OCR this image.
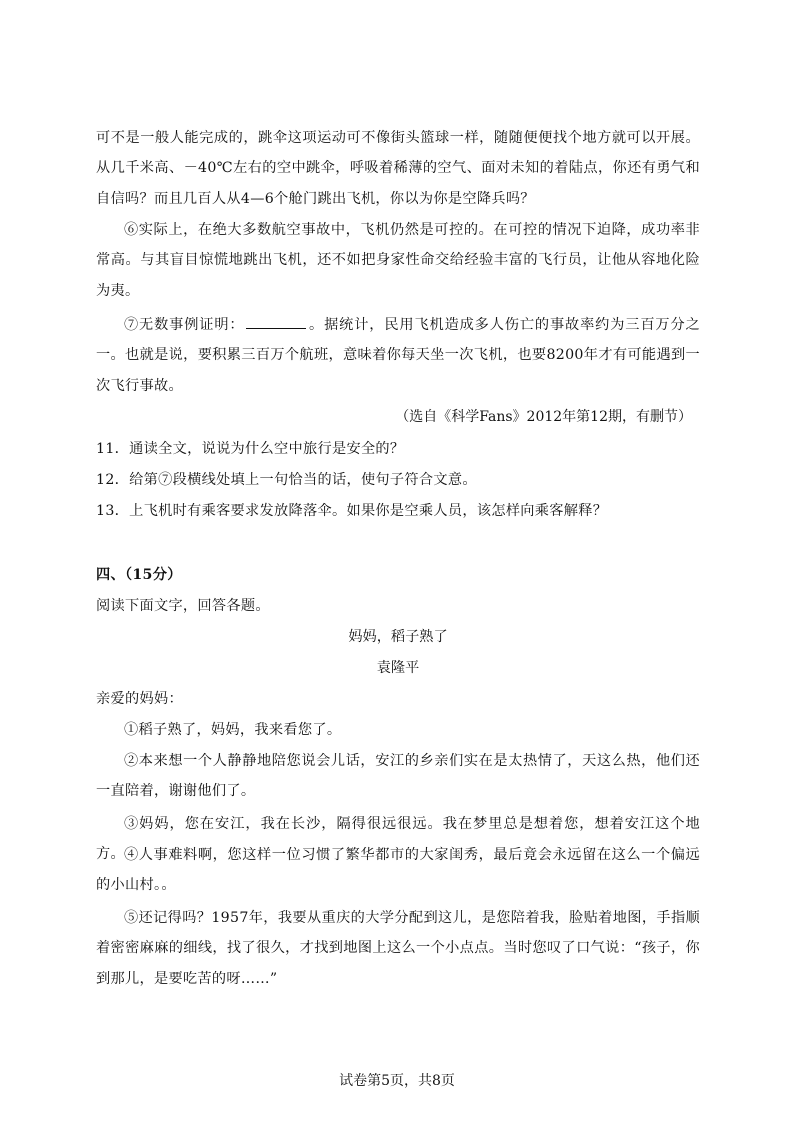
可不是一般人能完成的，跳伞这项运动可不像街头篮球一样，随随便便找个地方就可以开展。从几千米高、－40℃左右的空中跳伞，呼吸着稀薄的空气、面对未知的着陆点，你还有勇气和自信吗？而且几百人从4—6个舱门跳出飞机，你以为你是空降兵吗？
⑥实际上，在绝大多数航空事故中，飞机仍然是可控的。在可控的情况下迫降，成功率非常高。与其盲目惊慌地跳出飞机，还不如把身家性命交给经验丰富的飞行员，让他从容地化险为夷。
⑦无数事例证明：	。据统计，民用飞机造成多人伤亡的事故率约为三百万分之一。也就是说，要积累三百万个航班，意味着你每天坐一次飞机，也要8200年才有可能遇到一次飞行事故。
（选自《科学Fans》2012年第12期，有删节）
11．通读全文，说说为什么空中旅行是安全的？
12．给第⑦段横线处填上一句恰当的话，使句子符合文意。
13．上飞机时有乘客要求发放降落伞。如果你是空乘人员，该怎样向乘客解释？
四、（15分）
阅读下面文字，回答各题。
妈妈，稻子熟了
袁隆平
亲爱的妈妈：
①稻子熟了，妈妈，我来看您了。
②本来想一个人静静地陪您说会儿话，安江的乡亲们实在是太热情了，天这么热，他们还一直陪着，谢谢他们了。
③妈妈，您在安江，我在长沙，隔得很远很远。我在梦里总是想着您，想着安江这个地方。 ④人事难料啊，您这样一位习惯了繁华都市的大家闺秀，最后竟会永远留在这么一个偏远的小山村。。
⑤还记得吗？1957年，我要从重庆的大学分配到这儿，是您陪着我，脸贴着地图，手指顺着密密麻麻的细线，找了很久，才找到地图上这么一个小点点。当时您叹了口气说：“孩子，你到那儿，是要吃苦的呀……”
试卷第5页，共8页
